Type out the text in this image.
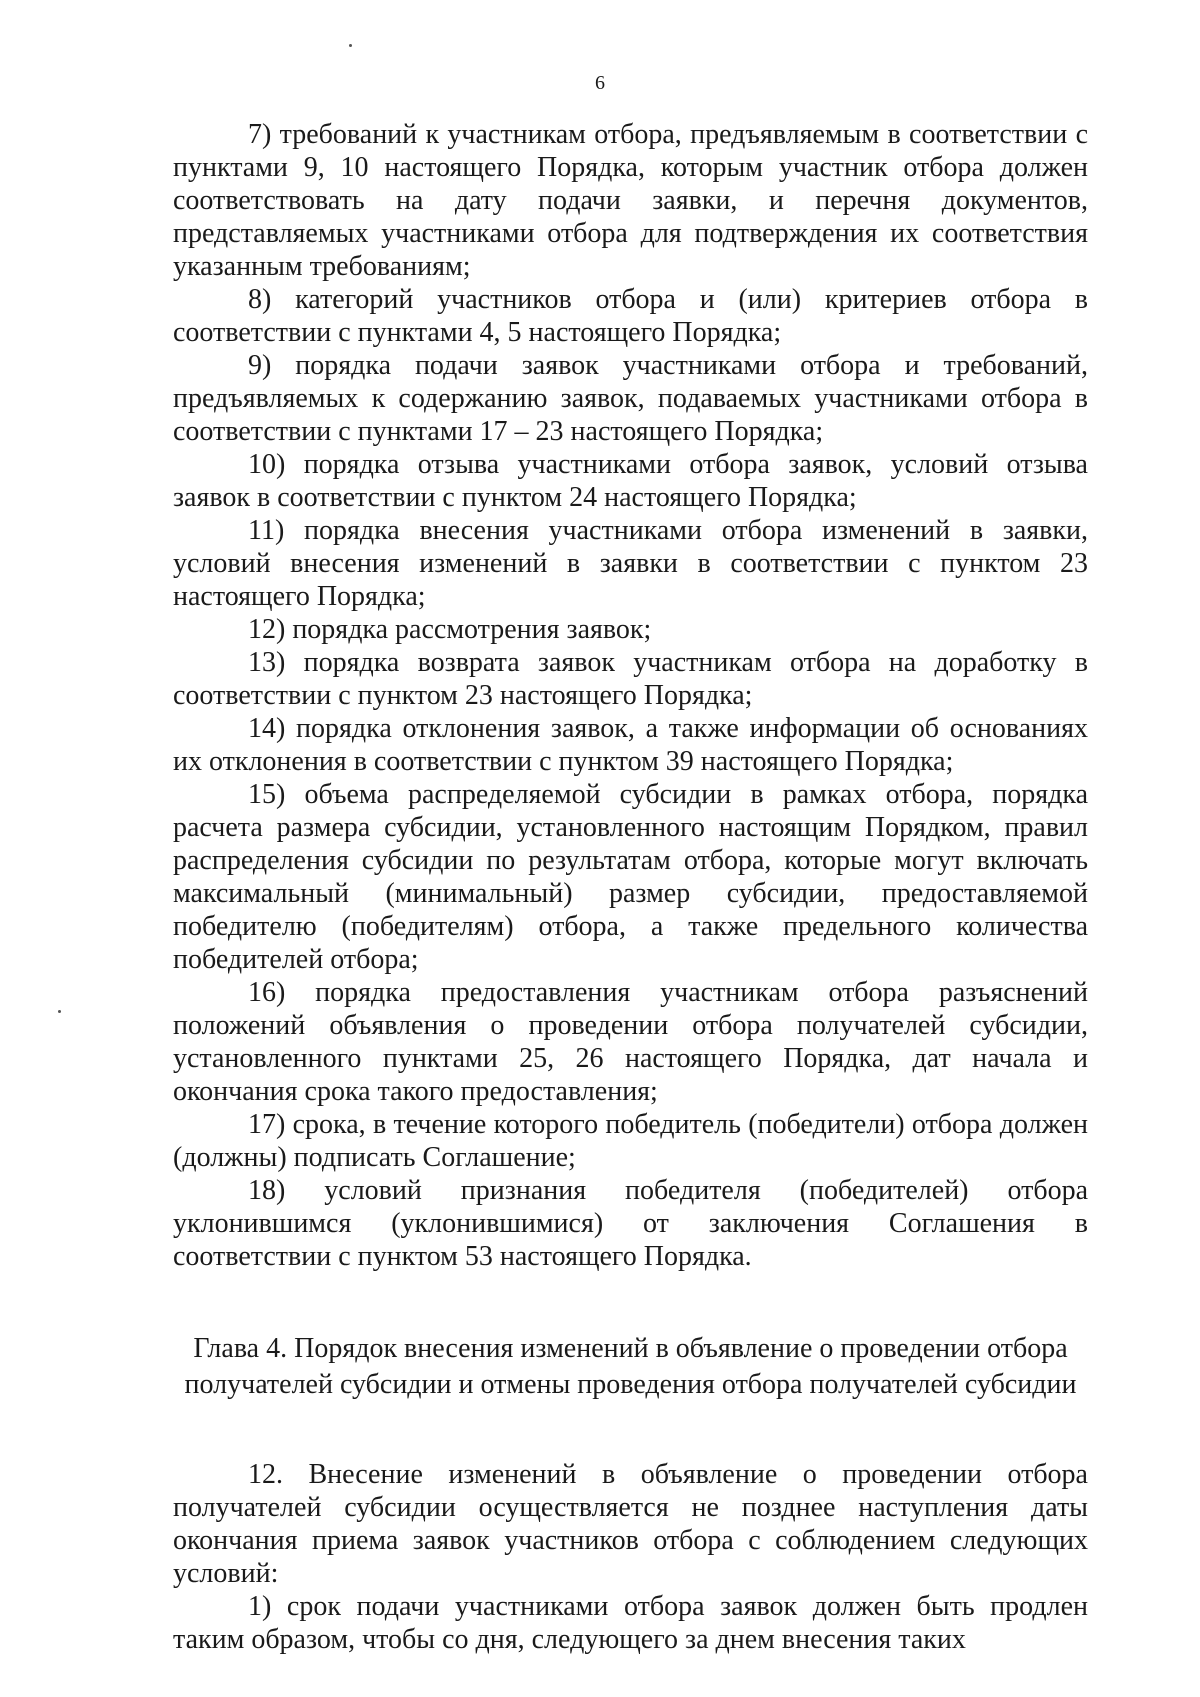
6

7) требований к участникам отбора, предъявляемым в соответствии с пунктами 9, 10 настоящего Порядка, которым участник отбора должен соответствовать на дату подачи заявки, и перечня документов, представляемых участниками отбора для подтверждения их соответствия указанным требованиям;

8) категорий участников отбора и (или) критериев отбора в соответствии с пунктами 4, 5 настоящего Порядка;

9) порядка подачи заявок участниками отбора и требований, предъявляемых к содержанию заявок, подаваемых участниками отбора в соответствии с пунктами 17 – 23 настоящего Порядка;

10) порядка отзыва участниками отбора заявок, условий отзыва заявок в соответствии с пунктом 24 настоящего Порядка;

11) порядка внесения участниками отбора изменений в заявки, условий внесения изменений в заявки в соответствии с пунктом 23 настоящего Порядка;

12) порядка рассмотрения заявок;

13) порядка возврата заявок участникам отбора на доработку в соответствии с пунктом 23 настоящего Порядка;

14) порядка отклонения заявок, а также информации об основаниях их отклонения в соответствии с пунктом 39 настоящего Порядка;

15) объема распределяемой субсидии в рамках отбора, порядка расчета размера субсидии, установленного настоящим Порядком, правил распределения субсидии по результатам отбора, которые могут включать максимальный (минимальный) размер субсидии, предоставляемой победителю (победителям) отбора, а также предельного количества победителей отбора;

16) порядка предоставления участникам отбора разъяснений положений объявления о проведении отбора получателей субсидии, установленного пунктами 25, 26 настоящего Порядка, дат начала и окончания срока такого предоставления;

17) срока, в течение которого победитель (победители) отбора должен (должны) подписать Соглашение;

18) условий признания победителя (победителей) отбора уклонившимся (уклонившимися) от заключения Соглашения в соответствии с пунктом 53 настоящего Порядка.

Глава 4. Порядок внесения изменений в объявление о проведении отбора
получателей субсидии и отмены проведения отбора получателей субсидии

12. Внесение изменений в объявление о проведении отбора получателей субсидии осуществляется не позднее наступления даты окончания приема заявок участников отбора с соблюдением следующих условий:

1) срок подачи участниками отбора заявок должен быть продлен таким образом, чтобы со дня, следующего за днем внесения таких
